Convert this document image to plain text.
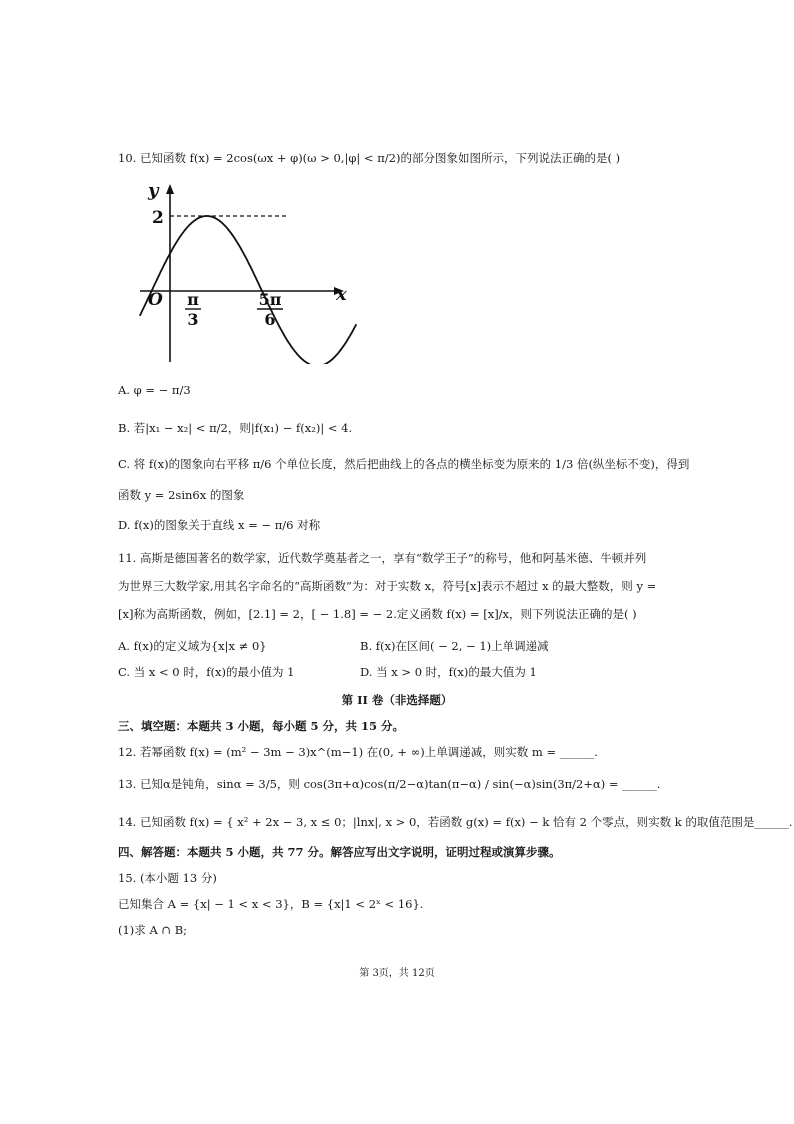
10. 已知函数 f(x) = 2cos(ωx + φ)(ω > 0,|φ| < π/2)的部分图象如图所示，下列说法正确的是( )
y
x
O
2
π
3
5π
6
A. φ = − π/3
B. 若|x₁ − x₂| < π/2，则|f(x₁) − f(x₂)| < 4.
C. 将 f(x)的图象向右平移 π/6 个单位长度，然后把曲线上的各点的横坐标变为原来的 1/3 倍(纵坐标不变)，得到
函数 y = 2sin6x 的图象
D. f(x)的图象关于直线 x = − π/6 对称
11. 高斯是德国著名的数学家，近代数学奠基者之一，享有“数学王子”的称号，他和阿基米德、牛顿并列
为世界三大数学家,用其名字命名的“高斯函数”为：对于实数 x，符号[x]表示不超过 x 的最大整数，则 y =
[x]称为高斯函数，例如，[2.1] = 2，[ − 1.8] = − 2.定义函数 f(x) = [x]/x，则下列说法正确的是( )
A. f(x)的定义域为{x|x ≠ 0}	B. f(x)在区间( − 2, − 1)上单调递减
C. 当 x < 0 时，f(x)的最小值为 1	D. 当 x > 0 时，f(x)的最大值为 1
第 II 卷（非选择题）
三、填空题：本题共 3 小题，每小题 5 分，共 15 分。
12. 若幂函数 f(x) = (m² − 3m − 3)x^(m−1) 在(0, + ∞)上单调递减，则实数 m = ______.
13. 已知α是钝角，sinα = 3/5，则 cos(3π+α)cos(π/2−α)tan(π−α) / sin(−α)sin(3π/2+α) = ______.
14. 已知函数 f(x) = { x² + 2x − 3, x ≤ 0；|lnx|, x > 0，若函数 g(x) = f(x) − k 恰有 2 个零点，则实数 k 的取值范围是______.
四、解答题：本题共 5 小题，共 77 分。解答应写出文字说明，证明过程或演算步骤。
15. (本小题 13 分)
已知集合 A = {x| − 1 < x < 3}，B = {x|1 < 2ˣ < 16}.
(1)求 A ∩ B;
第 3页，共 12页
